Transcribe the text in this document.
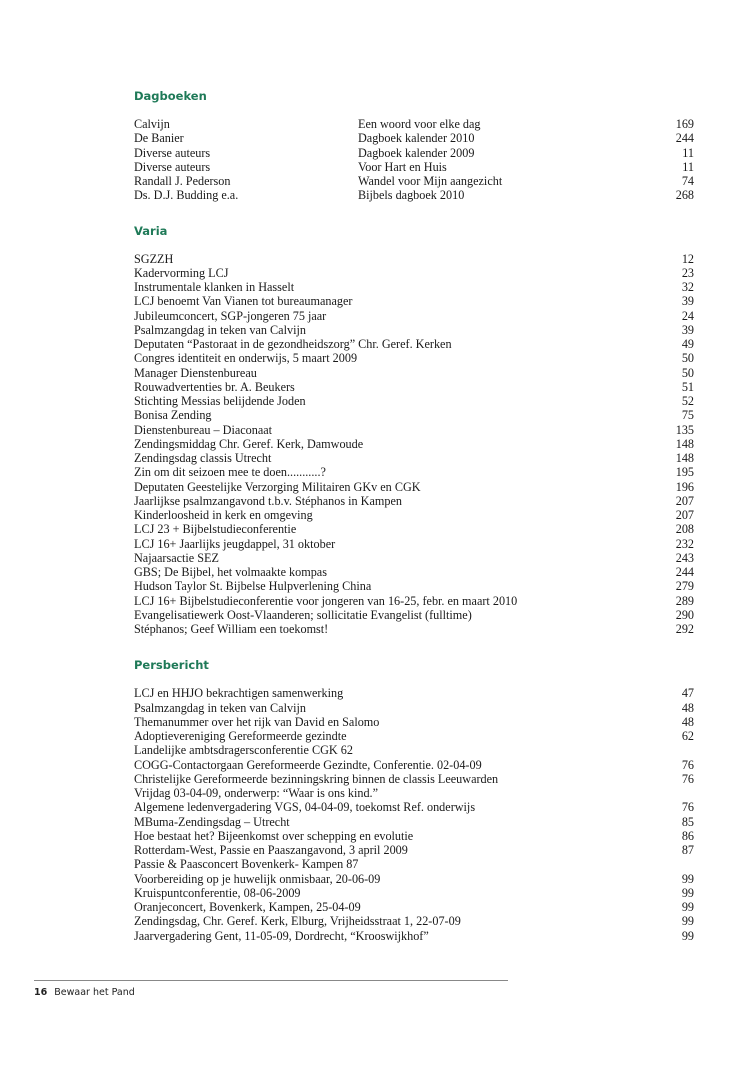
Dagboeken
Calvijn	Een woord voor elke dag	169
De Banier	Dagboek kalender 2010	244
Diverse auteurs	Dagboek kalender 2009	11
Diverse auteurs	Voor Hart en Huis	11
Randall J. Pederson	Wandel voor Mijn aangezicht	74
Ds. D.J. Budding e.a.	Bijbels dagboek 2010	268
Varia
SGZZH	12
Kadervorming LCJ	23
Instrumentale klanken in Hasselt	32
LCJ benoemt Van Vianen tot bureaumanager	39
Jubileumconcert, SGP-jongeren 75 jaar	24
Psalmzangdag in teken van Calvijn	39
Deputaten “Pastoraat in de gezondheidszorg” Chr. Geref. Kerken	49
Congres identiteit en onderwijs, 5 maart 2009	50
Manager Dienstenbureau	50
Rouwadvertenties br. A. Beukers	51
Stichting Messias belijdende Joden	52
Bonisa Zending	75
Dienstenbureau – Diaconaat	135
Zendingsmiddag Chr. Geref. Kerk, Damwoude	148
Zendingsdag classis Utrecht	148
Zin om dit seizoen mee te doen...........?	195
Deputaten Geestelijke Verzorging Militairen GKv en CGK	196
Jaarlijkse psalmzangavond t.b.v. Stéphanos in Kampen	207
Kinderloosheid in kerk en omgeving	207
LCJ 23 + Bijbelstudieconferentie	208
LCJ 16+ Jaarlijks jeugdappel, 31 oktober	232
Najaarsactie SEZ	243
GBS; De Bijbel, het volmaakte kompas	244
Hudson Taylor St. Bijbelse Hulpverlening China	279
LCJ 16+ Bijbelstudieconferentie voor jongeren van 16-25, febr. en maart 2010	289
Evangelisatiewerk Oost-Vlaanderen; sollicitatie Evangelist (fulltime)	290
Stéphanos; Geef William een toekomst!	292
Persbericht
LCJ en HHJO bekrachtigen samenwerking	47
Psalmzangdag in teken van Calvijn	48
Themanummer over het rijk van David en Salomo	48
Adoptievereniging Gereformeerde gezindte	62
Landelijke ambtsdragersconferentie CGK 62
COGG-Contactorgaan Gereformeerde Gezindte, Conferentie. 02-04-09	76
Christelijke Gereformeerde bezinningskring binnen de classis Leeuwarden	76
Vrijdag 03-04-09, onderwerp: “Waar is ons kind.”
Algemene ledenvergadering VGS, 04-04-09, toekomst Ref. onderwijs	76
MBuma-Zendingsdag – Utrecht	85
Hoe bestaat het? Bijeenkomst over schepping en evolutie	86
Rotterdam-West, Passie en Paaszangavond, 3 april 2009	87
Passie & Paasconcert Bovenkerk- Kampen 87
Voorbereiding op je huwelijk onmisbaar, 20-06-09	99
Kruispuntconferentie, 08-06-2009	99
Oranjeconcert, Bovenkerk, Kampen, 25-04-09	99
Zendingsdag, Chr. Geref. Kerk, Elburg, Vrijheidsstraat 1, 22-07-09	99
Jaarvergadering Gent, 11-05-09, Dordrecht, “Krooswijkhof”	99
16 Bewaar het Pand
